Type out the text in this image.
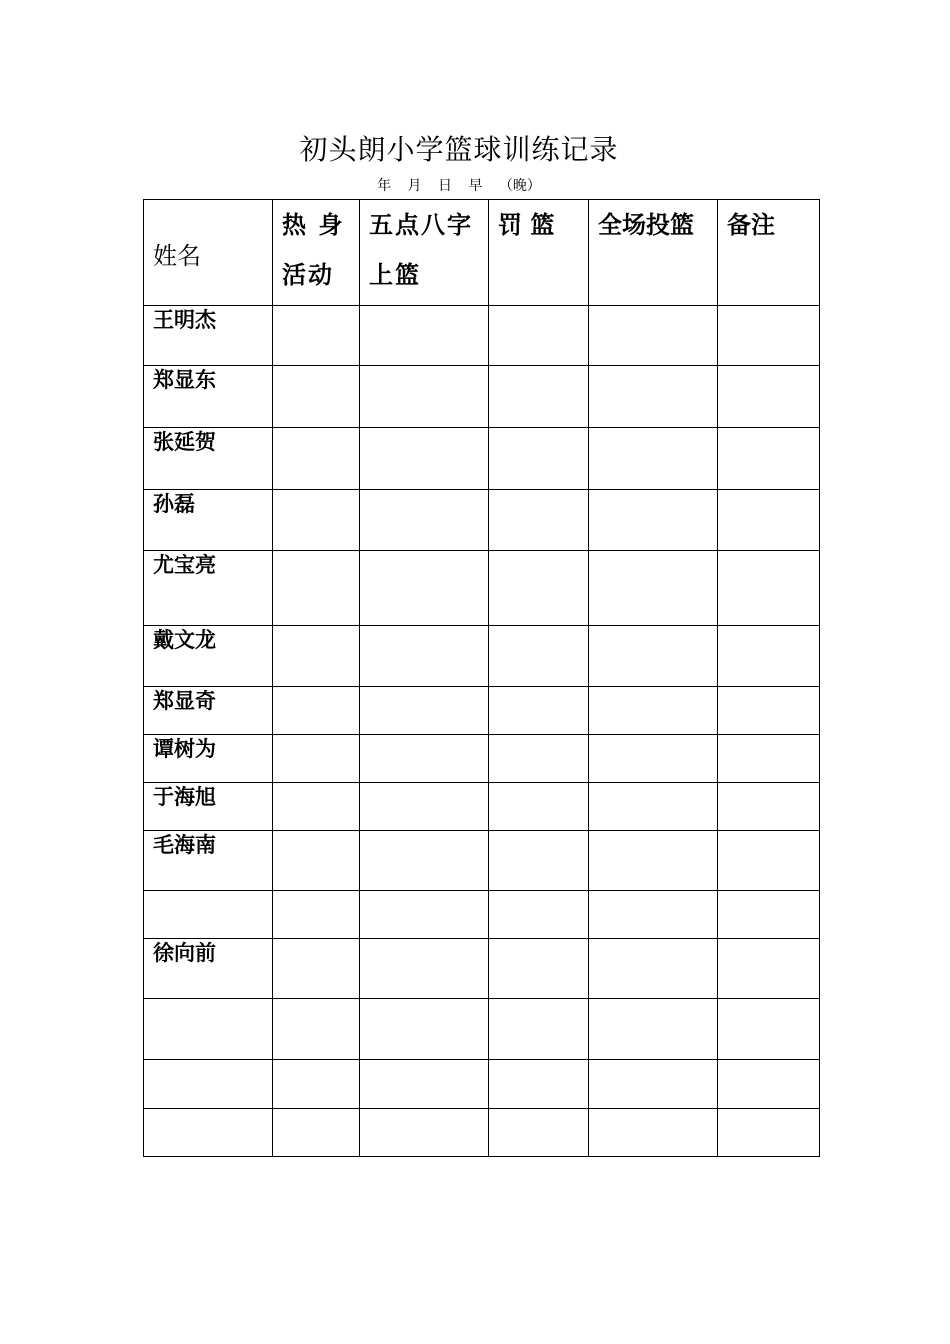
初头朗小学篮球训练记录
年 月 日 早 （晚）
姓名	热 身 活动	五点八字上篮	罚 篮	全场投篮	备注
王明杰					
郑显东					
张延贺					
孙磊					
尤宝亮					
戴文龙					
郑显奇					
谭树为					
于海旭					
毛海南					

徐向前					
